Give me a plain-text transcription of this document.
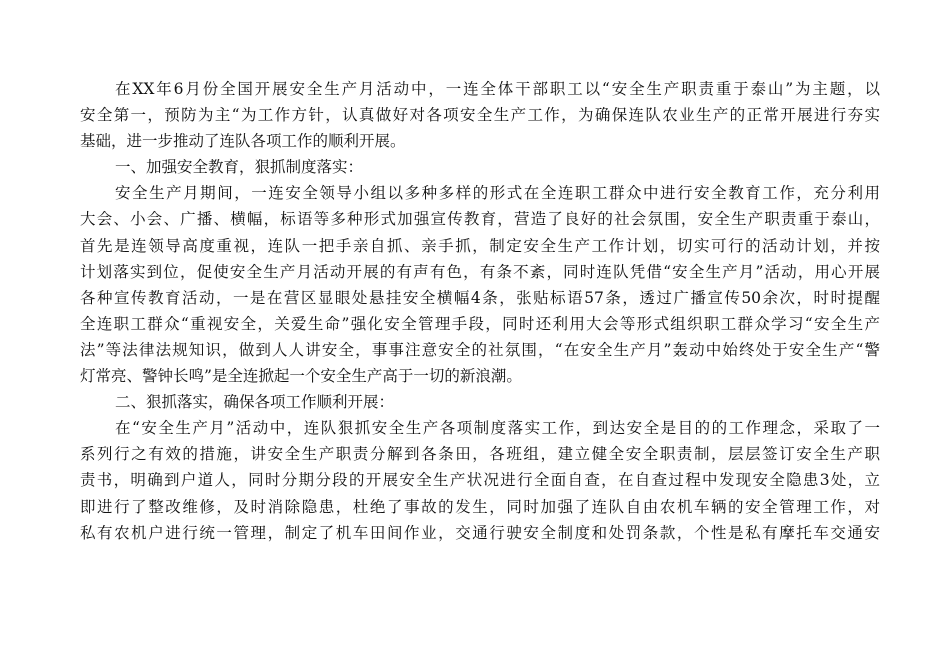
在XX年6月份全国开展安全生产月活动中，一连全体干部职工以“安全生产职责重于泰山”为主题，以
安全第一，预防为主“为工作方针，认真做好对各项安全生产工作，为确保连队农业生产的正常开展进行夯实
基础，进一步推动了连队各项工作的顺利开展。
一、加强安全教育，狠抓制度落实：
安全生产月期间，一连安全领导小组以多种多样的形式在全连职工群众中进行安全教育工作，充分利用
大会、小会、广播、横幅，标语等多种形式加强宣传教育，营造了良好的社会氛围，安全生产职责重于泰山，
首先是连领导高度重视，连队一把手亲自抓、亲手抓，制定安全生产工作计划，切实可行的活动计划，并按
计划落实到位，促使安全生产月活动开展的有声有色，有条不紊，同时连队凭借“安全生产月”活动，用心开展
各种宣传教育活动，一是在营区显眼处悬挂安全横幅4条，张贴标语57条，透过广播宣传50余次，时时提醒
全连职工群众“重视安全，关爱生命”强化安全管理手段，同时还利用大会等形式组织职工群众学习“安全生产
法”等法律法规知识，做到人人讲安全，事事注意安全的社氛围，“在安全生产月”轰动中始终处于安全生产“警
灯常亮、警钟长鸣”是全连掀起一个安全生产高于一切的新浪潮。
二、狠抓落实，确保各项工作顺利开展：
在“安全生产月”活动中，连队狠抓安全生产各项制度落实工作，到达安全是目的的工作理念，采取了一
系列行之有效的措施，讲安全生产职责分解到各条田，各班组，建立健全安全职责制，层层签订安全生产职
责书，明确到户道人，同时分期分段的开展安全生产状况进行全面自查，在自查过程中发现安全隐患3处，立
即进行了整改维修，及时消除隐患，杜绝了事故的发生，同时加强了连队自由农机车辆的安全管理工作，对
私有农机户进行统一管理，制定了机车田间作业，交通行驶安全制度和处罚条款，个性是私有摩托车交通安
